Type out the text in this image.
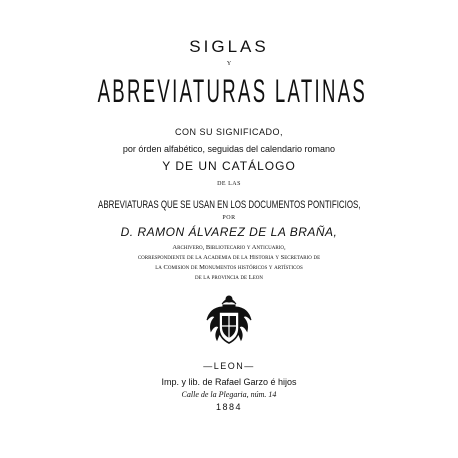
SIGLAS
Y
ABREVIATURAS LATINAS
CON SU SIGNIFICADO,
por órden alfabético, seguidas del calendario romano
Y DE UN CATÁLOGO
DE LAS
ABREVIATURAS QUE SE USAN EN LOS DOCUMENTOS PONTIFICIOS,
POR
D. RAMON ÁLVAREZ DE LA BRAÑA,
Archivero, Bibliotecario y Anticuario,
correspondiente de la Academia de la Historia y Secretario de
la Comision de Monumentos históricos y artísticos
de la provincia de Leon
—LEON—
Imp. y lib. de Rafael Garzo é hijos
Calle de la Plegaria, núm. 14
1884
